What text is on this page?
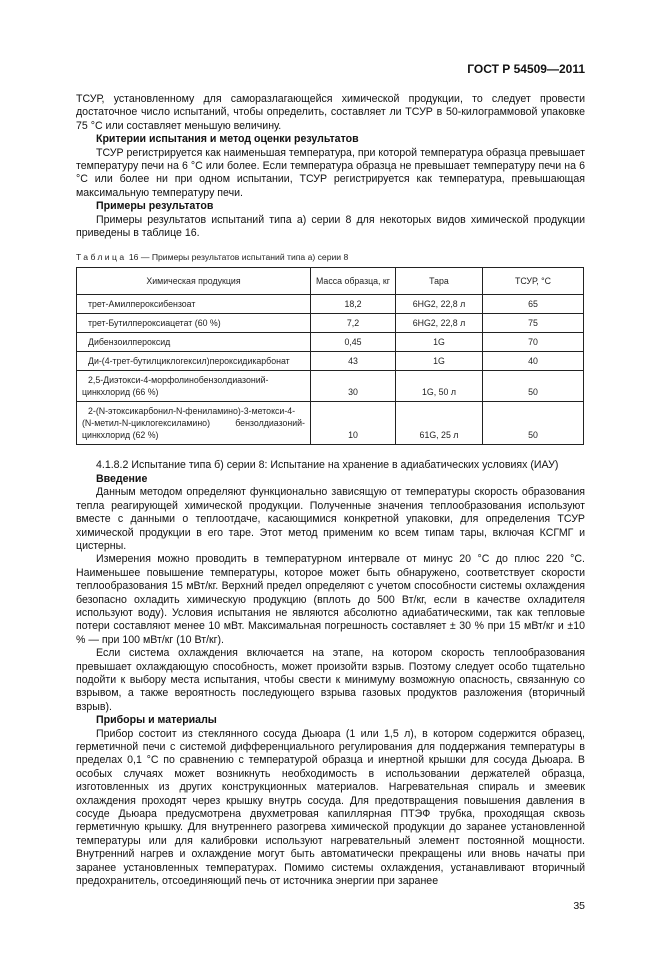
ГОСТ Р 54509—2011

ТСУР, установленному для саморазлагающейся химической продукции, то следует провести достаточное число испытаний, чтобы определить, составляет ли ТСУР в 50-килограммовой упаковке 75 °С или составляет меньшую величину.

Критерии испытания и метод оценки результатов

ТСУР регистрируется как наименьшая температура, при которой температура образца превышает температуру печи на 6 °С или более. Если температура образца не превышает температуру печи на 6 °С или более ни при одном испытании, ТСУР регистрируется как температура, превышающая максимальную температуру печи.

Примеры результатов

Примеры результатов испытаний типа а) серии 8 для некоторых видов химической продукции приведены в таблице 16.

Таблица 16 — Примеры результатов испытаний типа а) серии 8
Химическая продукция	Масса образца, кг	Тара	ТСУР, °С
трет-Амилпероксибензоат	18,2	6HG2, 22,8 л	65
трет-Бутилпероксиацетат (60 %)	7,2	6HG2, 22,8 л	75
Дибензоилпероксид	0,45	1G	70
Ди-(4-трет-бутилциклогексил)пероксидикарбонат	43	1G	40
2,5-Диэтокси-4-морфолинобензолдиазоний-цинкхлорид (66 %)	30	1G, 50 л	50
2-(N-этоксикарбонил-N-фениламино)-3-метокси-4-(N-метил-N-циклогексиламино) бензолдиазоний-цинкхлорид (62 %)	10	61G, 25 л	50

4.1.8.2 Испытание типа б) серии 8: Испытание на хранение в адиабатических условиях (ИАУ)

Введение

Данным методом определяют функционально зависящую от температуры скорость образования тепла реагирующей химической продукции. Полученные значения теплообразования используют вместе с данными о теплоотдаче, касающимися конкретной упаковки, для определения ТСУР химической продукции в его таре. Этот метод применим ко всем типам тары, включая КСГМГ и цистерны.

Измерения можно проводить в температурном интервале от минус 20 °С до плюс 220 °С. Наименьшее повышение температуры, которое может быть обнаружено, соответствует скорости теплообразования 15 мВт/кг. Верхний предел определяют с учетом способности системы охлаждения безопасно охладить химическую продукцию (вплоть до 500 Вт/кг, если в качестве охладителя используют воду). Условия испытания не являются абсолютно адиабатическими, так как тепловые потери составляют менее 10 мВт. Максимальная погрешность составляет ± 30 % при 15 мВт/кг и ±10 % — при 100 мВт/кг (10 Вт/кг).

Если система охлаждения включается на этапе, на котором скорость теплообразования превышает охлаждающую способность, может произойти взрыв. Поэтому следует особо тщательно подойти к выбору места испытания, чтобы свести к минимуму возможную опасность, связанную со взрывом, а также вероятность последующего взрыва газовых продуктов разложения (вторичный взрыв).

Приборы и материалы

Прибор состоит из стеклянного сосуда Дьюара (1 или 1,5 л), в котором содержится образец, герметичной печи с системой дифференциального регулирования для поддержания температуры в пределах 0,1 °С по сравнению с температурой образца и инертной крышки для сосуда Дьюара. В особых случаях может возникнуть необходимость в использовании держателей образца, изготовленных из других конструкционных материалов. Нагревательная спираль и змеевик охлаждения проходят через крышку внутрь сосуда. Для предотвращения повышения давления в сосуде Дьюара предусмотрена двухметровая капиллярная ПТЭФ трубка, проходящая сквозь герметичную крышку. Для внутреннего разогрева химической продукции до заранее установленной температуры или для калибровки используют нагревательный элемент постоянной мощности. Внутренний нагрев и охлаждение могут быть автоматически прекращены или вновь начаты при заранее установленных температурах. Помимо системы охлаждения, устанавливают вторичный предохранитель, отсоединяющий печь от источника энергии при заранее

35
